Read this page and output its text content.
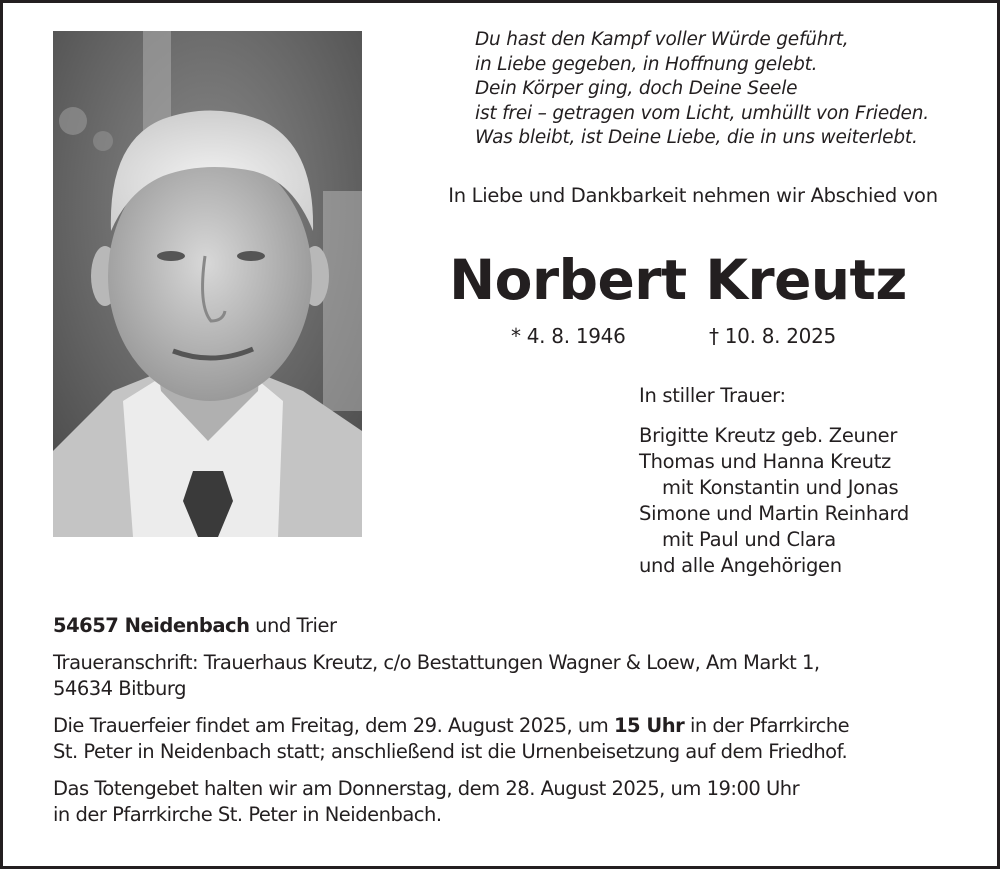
Du hast den Kampf voller Würde geführt,
in Liebe gegeben, in Hoffnung gelebt.
Dein Körper ging, doch Deine Seele
ist frei – getragen vom Licht, umhüllt von Frieden.
Was bleibt, ist Deine Liebe, die in uns weiterlebt.
In Liebe und Dankbarkeit nehmen wir Abschied von
Norbert Kreutz
* 4. 8. 1946	† 10. 8. 2025
In stiller Trauer:
Brigitte Kreutz geb. Zeuner
Thomas und Hanna Kreutz
mit Konstantin und Jonas
Simone und Martin Reinhard
mit Paul und Clara
und alle Angehörigen

54657 Neidenbach und Trier

Traueranschrift: Trauerhaus Kreutz, c/o Bestattungen Wagner & Loew, Am Markt 1,
54634 Bitburg

Die Trauerfeier findet am Freitag, dem 29. August 2025, um 15 Uhr in der Pfarrkirche
St. Peter in Neidenbach statt; anschließend ist die Urnenbeisetzung auf dem Friedhof.

Das Totengebet halten wir am Donnerstag, dem 28. August 2025, um 19:00 Uhr
in der Pfarrkirche St. Peter in Neidenbach.
